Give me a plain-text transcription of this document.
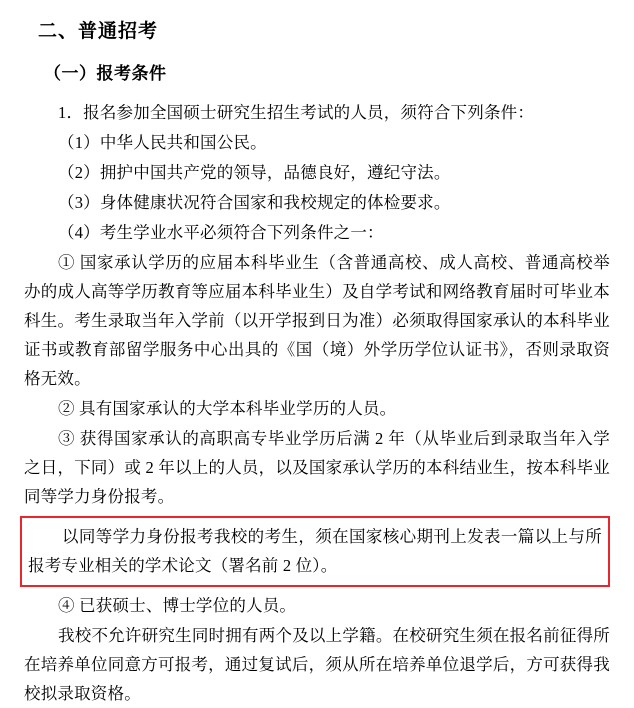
二、普通招考
（一）报考条件

1．报名参加全国硕士研究生招生考试的人员，须符合下列条件：

（1）中华人民共和国公民。

（2）拥护中国共产党的领导，品德良好，遵纪守法。

（3）身体健康状况符合国家和我校规定的体检要求。

（4）考生学业水平必须符合下列条件之一：

① 国家承认学历的应届本科毕业生（含普通高校、成人高校、普通高校举办的成人高等学历教育等应届本科毕业生）及自学考试和网络教育届时可毕业本科生。考生录取当年入学前（以开学报到日为准）必须取得国家承认的本科毕业证书或教育部留学服务中心出具的《国（境）外学历学位认证书》，否则录取资格无效。

② 具有国家承认的大学本科毕业学历的人员。

③ 获得国家承认的高职高专毕业学历后满 2 年（从毕业后到录取当年入学之日，下同）或 2 年以上的人员，以及国家承认学历的本科结业生，按本科毕业同等学力身份报考。

以同等学力身份报考我校的考生，须在国家核心期刊上发表一篇以上与所报考专业相关的学术论文（署名前 2 位）。

④ 已获硕士、博士学位的人员。

我校不允许研究生同时拥有两个及以上学籍。在校研究生须在报名前征得所在培养单位同意方可报考，通过复试后，须从所在培养单位退学后，方可获得我校拟录取资格。
